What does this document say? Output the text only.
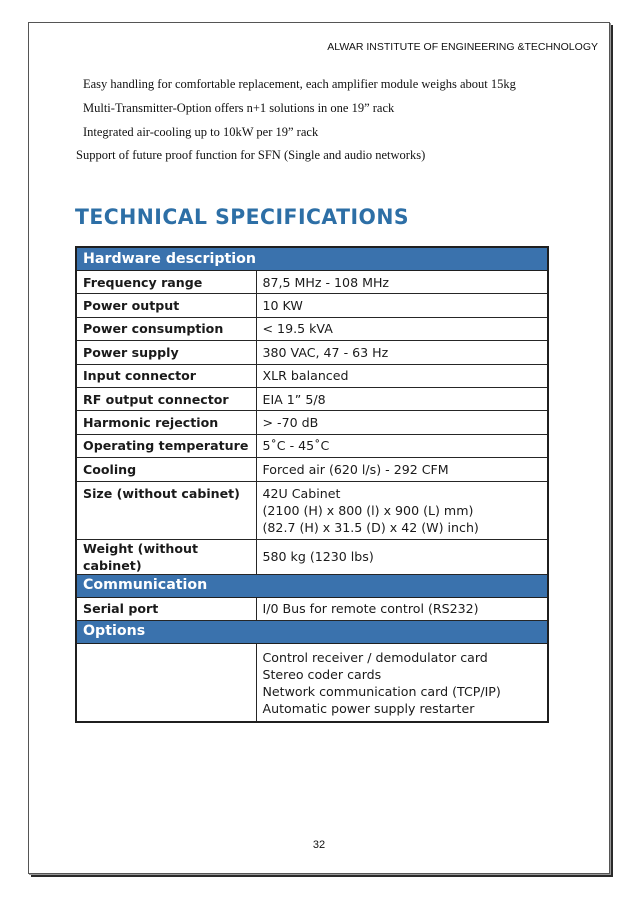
ALWAR INSTITUTE OF ENGINEERING &TECHNOLOGY
Easy handling for comfortable replacement, each amplifier module weighs about 15kg
Multi-Transmitter-Option offers n+1 solutions in one 19” rack
Integrated air-cooling up to 10kW per 19” rack
Support of future proof function for SFN (Single and audio networks)
TECHNICAL SPECIFICATIONS
Hardware description	
Frequency range	87,5 MHz - 108 MHz
Power output	10 KW
Power consumption	< 19.5 kVA
Power supply	380 VAC, 47 - 63 Hz
Input connector	XLR balanced
RF output connector	EIA 1” 5/8
Harmonic rejection	> -70 dB
Operating temperature	5˚C - 45˚C
Cooling	Forced air (620 l/s) - 292 CFM
Size (without cabinet)	42U Cabinet
(2100 (H) x 800 (l) x 900 (L) mm)
(82.7 (H) x 31.5 (D) x 42 (W) inch)

Weight (without cabinet)	580 kg (1230 lbs)
Communication	
Serial port	I/0 Bus for remote control (RS232)
Options	

	Control receiver / demodulator card
Stereo coder cards
Network communication card (TCP/IP)
Automatic power supply restarter
32
